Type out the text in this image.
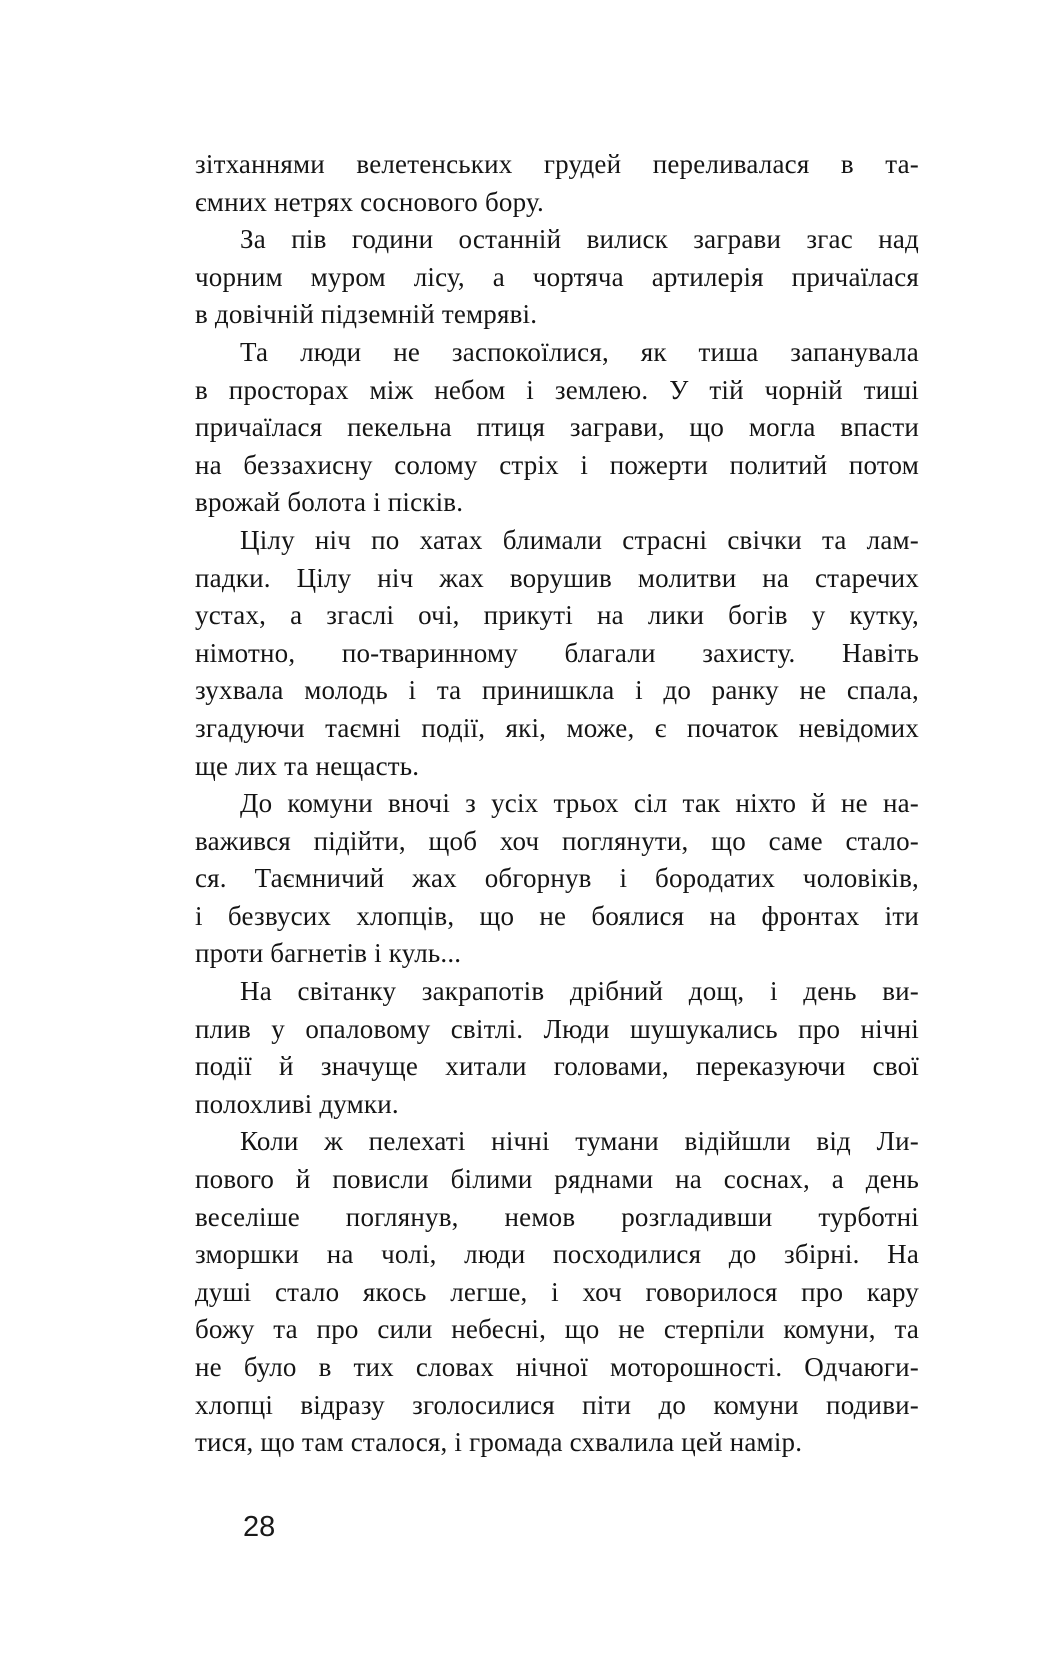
зітханнями велетенських грудей переливалася в та-
ємних нетрях соснового бору.
За пів години останній вилиск заграви згас над
чорним муром лісу, а чортяча артилерія причаїлася
в довічній підземній темряві.
Та люди не заспокоїлися, як тиша запанувала
в просторах між небом і землею. У тій чорній тиші
причаїлася пекельна птиця заграви, що могла впасти
на беззахисну солому стріх і пожерти политий потом
врожай болота і пісків.
Цілу ніч по хатах блимали страсні свічки та лам-
падки. Цілу ніч жах ворушив молитви на старечих
устах, а згаслі очі, прикуті на лики богів у кутку,
німотно, по-тваринному благали захисту. Навіть
зухвала молодь і та принишкла і до ранку не спала,
згадуючи таємні події, які, може, є початок невідомих
ще лих та нещасть.
До комуни вночі з усіх трьох сіл так ніхто й не на-
важився підійти, щоб хоч поглянути, що саме стало-
ся. Таємничий жах обгорнув і бородатих чоловіків,
і безвусих хлопців, що не боялися на фронтах іти
проти багнетів і куль...
На світанку закрапотів дрібний дощ, і день ви-
плив у опаловому світлі. Люди шушукались про нічні
події й значуще хитали головами, переказуючи свої
полохливі думки.
Коли ж пелехаті нічні тумани відійшли від Ли-
пового й повисли білими ряднами на соснах, а день
веселіше поглянув, немов розгладивши турботні
зморшки на чолі, люди посходилися до збірні. На
душі стало якось легше, і хоч говорилося про кару
божу та про сили небесні, що не стерпіли комуни, та
не було в тих словах нічної моторошності. Одчаюги-
хлопці відразу зголосилися піти до комуни подиви-
тися, що там сталося, і громада схвалила цей намір.
28
